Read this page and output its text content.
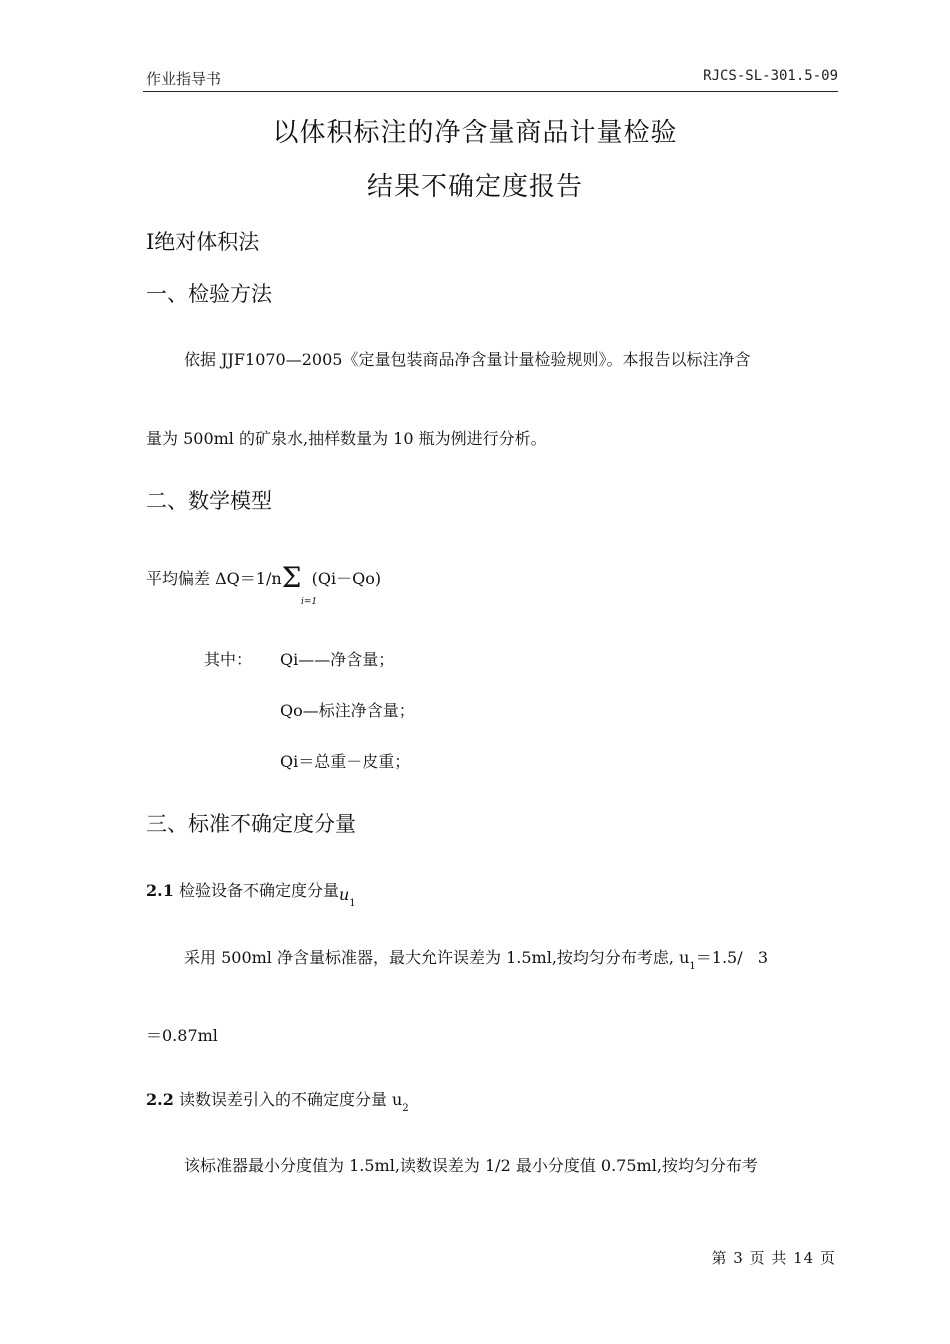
作业指导书	RJCS-SL-301.5-09
以体积标注的净含量商品计量检验
结果不确定度报告
Ⅰ绝对体积法
一、检验方法
依据 JJF1070—2005《定量包装商品净含量计量检验规则》。本报告以标注净含
量为 500ml 的矿泉水,抽样数量为 10 瓶为例进行分析。
二、数学模型
平均偏差 ΔQ＝1/nΣ (Qi－Qo)
i=1
其中： Qi——净含量；
Qo—标注净含量；
Qi＝总重－皮重；
三、标准不确定度分量
2.1 检验设备不确定度分量$u_1$
采用 500ml 净含量标准器，最大允许误差为 1.5ml,按均匀分布考虑, $u_1=1.5/$ 3
＝0.87ml
2.2 读数误差引入的不确定度分量 $u_2$
该标准器最小分度值为 1.5ml,读数误差为 1/2 最小分度值 0.75ml,按均匀分布考
第 3 页 共 14 页
